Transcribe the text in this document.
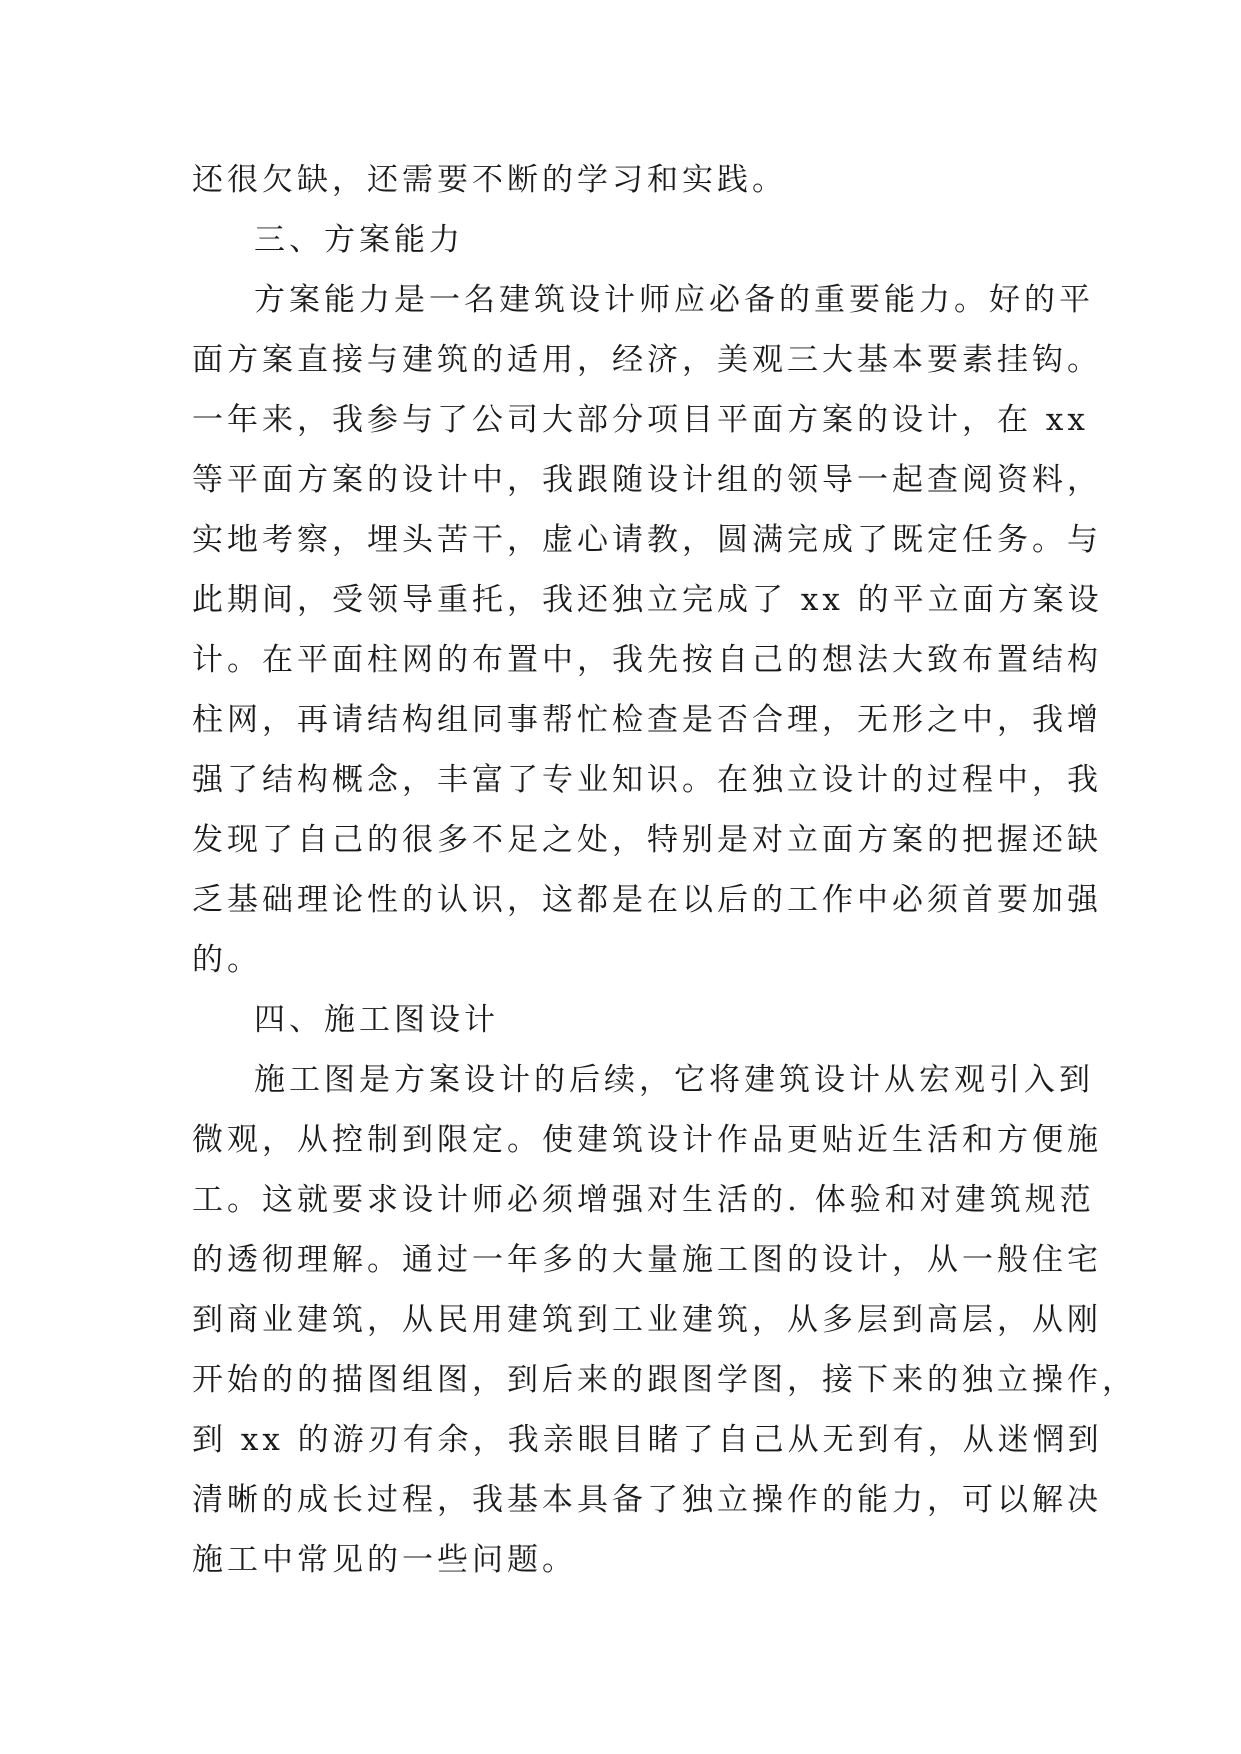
还很欠缺，还需要不断的学习和实践。
三、方案能力
方案能力是一名建筑设计师应必备的重要能力。好的平
面方案直接与建筑的适用，经济，美观三大基本要素挂钩。
一年来，我参与了公司大部分项目平面方案的设计，在 xx
等平面方案的设计中，我跟随设计组的领导一起查阅资料，
实地考察，埋头苦干，虚心请教，圆满完成了既定任务。与
此期间，受领导重托，我还独立完成了 xx 的平立面方案设
计。在平面柱网的布置中，我先按自己的想法大致布置结构
柱网，再请结构组同事帮忙检查是否合理，无形之中，我增
强了结构概念，丰富了专业知识。在独立设计的过程中，我
发现了自己的很多不足之处，特别是对立面方案的把握还缺
乏基础理论性的认识，这都是在以后的工作中必须首要加强
的。
四、施工图设计
施工图是方案设计的后续，它将建筑设计从宏观引入到
微观，从控制到限定。使建筑设计作品更贴近生活和方便施
工。这就要求设计师必须增强对生活的. 体验和对建筑规范
的透彻理解。通过一年多的大量施工图的设计，从一般住宅
到商业建筑，从民用建筑到工业建筑，从多层到高层，从刚
开始的的描图组图，到后来的跟图学图，接下来的独立操作，
到 xx 的游刃有余，我亲眼目睹了自己从无到有，从迷惘到
清晰的成长过程，我基本具备了独立操作的能力，可以解决
施工中常见的一些问题。
